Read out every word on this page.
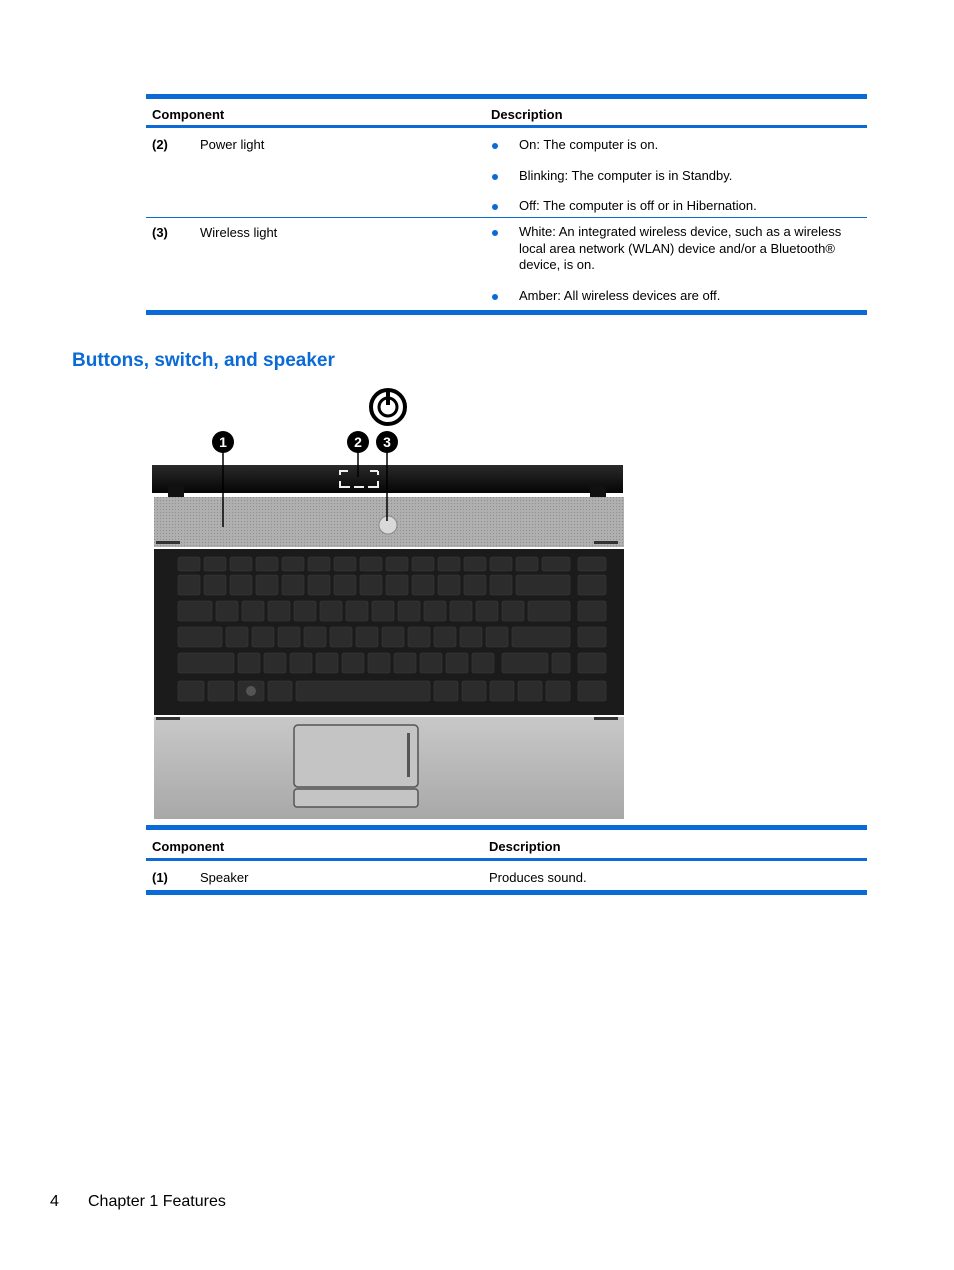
Component	Description
(2) Power light	On: The computer is on.
Blinking: The computer is in Standby.
Off: The computer is off or in Hibernation.
(3) Wireless light	White: An integrated wireless device, such as a wireless local area network (WLAN) device and/or a Bluetooth® device, is on.
Amber: All wireless devices are off.
Buttons, switch, and speaker
1	2 3
Component	Description
(1) Speaker	Produces sound.
4 Chapter 1 Features
